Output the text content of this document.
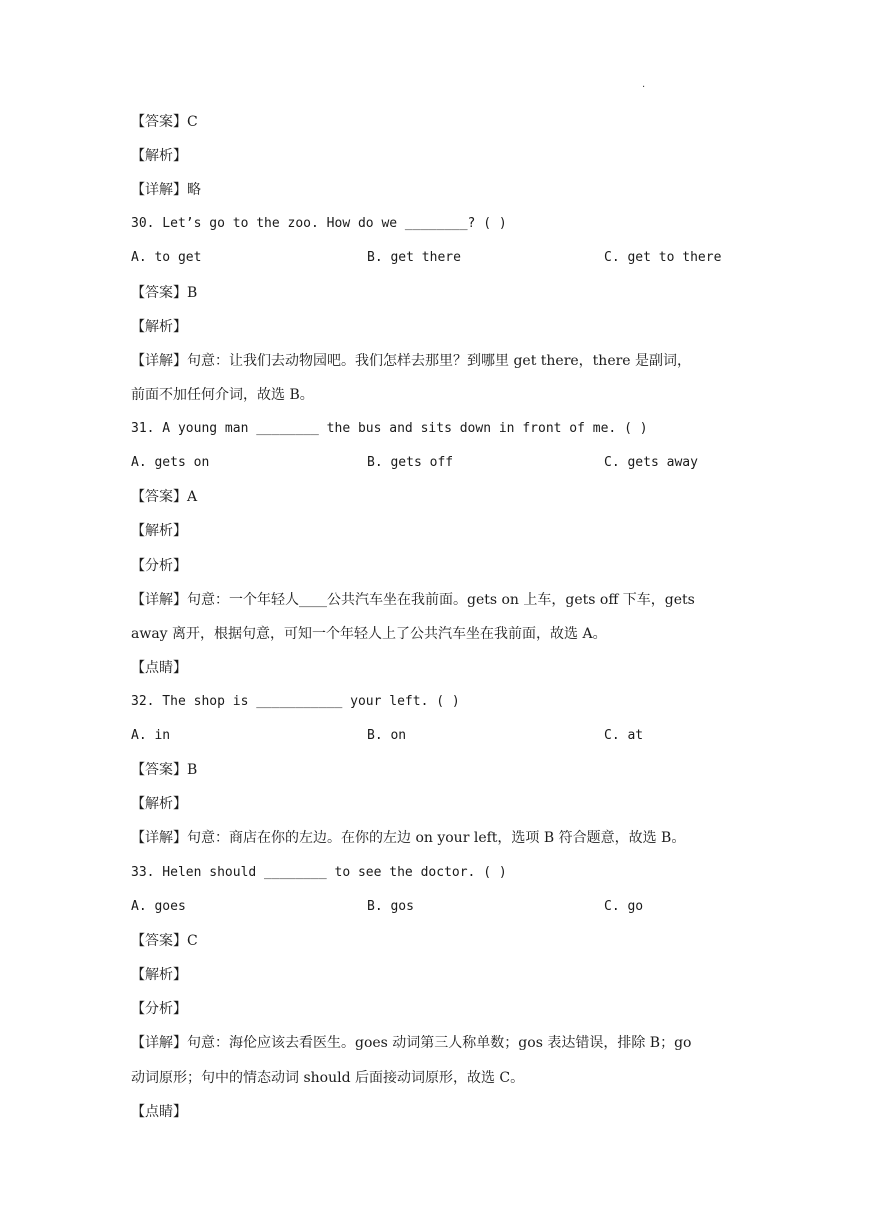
·
【答案】C
【解析】
【详解】略
30. Let’s go to the zoo. How do we ________? ( )
A. to get	B. get there	C. get to there
【答案】B
【解析】
【详解】句意：让我们去动物园吧。我们怎样去那里？到哪里 get there，there 是副词，
前面不加任何介词，故选 B。
31. A young man ________ the bus and sits down in front of me. ( )
A. gets on	B. gets off	C. gets away
【答案】A
【解析】
【分析】
【详解】句意：一个年轻人____公共汽车坐在我前面。gets on 上车，gets off 下车，gets
away 离开，根据句意，可知一个年轻人上了公共汽车坐在我前面，故选 A。
【点睛】
32. The shop is ___________ your left. ( )
A. in	B. on	C. at
【答案】B
【解析】
【详解】句意：商店在你的左边。在你的左边 on your left，选项 B 符合题意，故选 B。
33. Helen should ________ to see the doctor. ( )
A. goes	B. gos	C. go
【答案】C
【解析】
【分析】
【详解】句意：海伦应该去看医生。goes 动词第三人称单数；gos 表达错误，排除 B；go
动词原形；句中的情态动词 should 后面接动词原形，故选 C。
【点睛】
